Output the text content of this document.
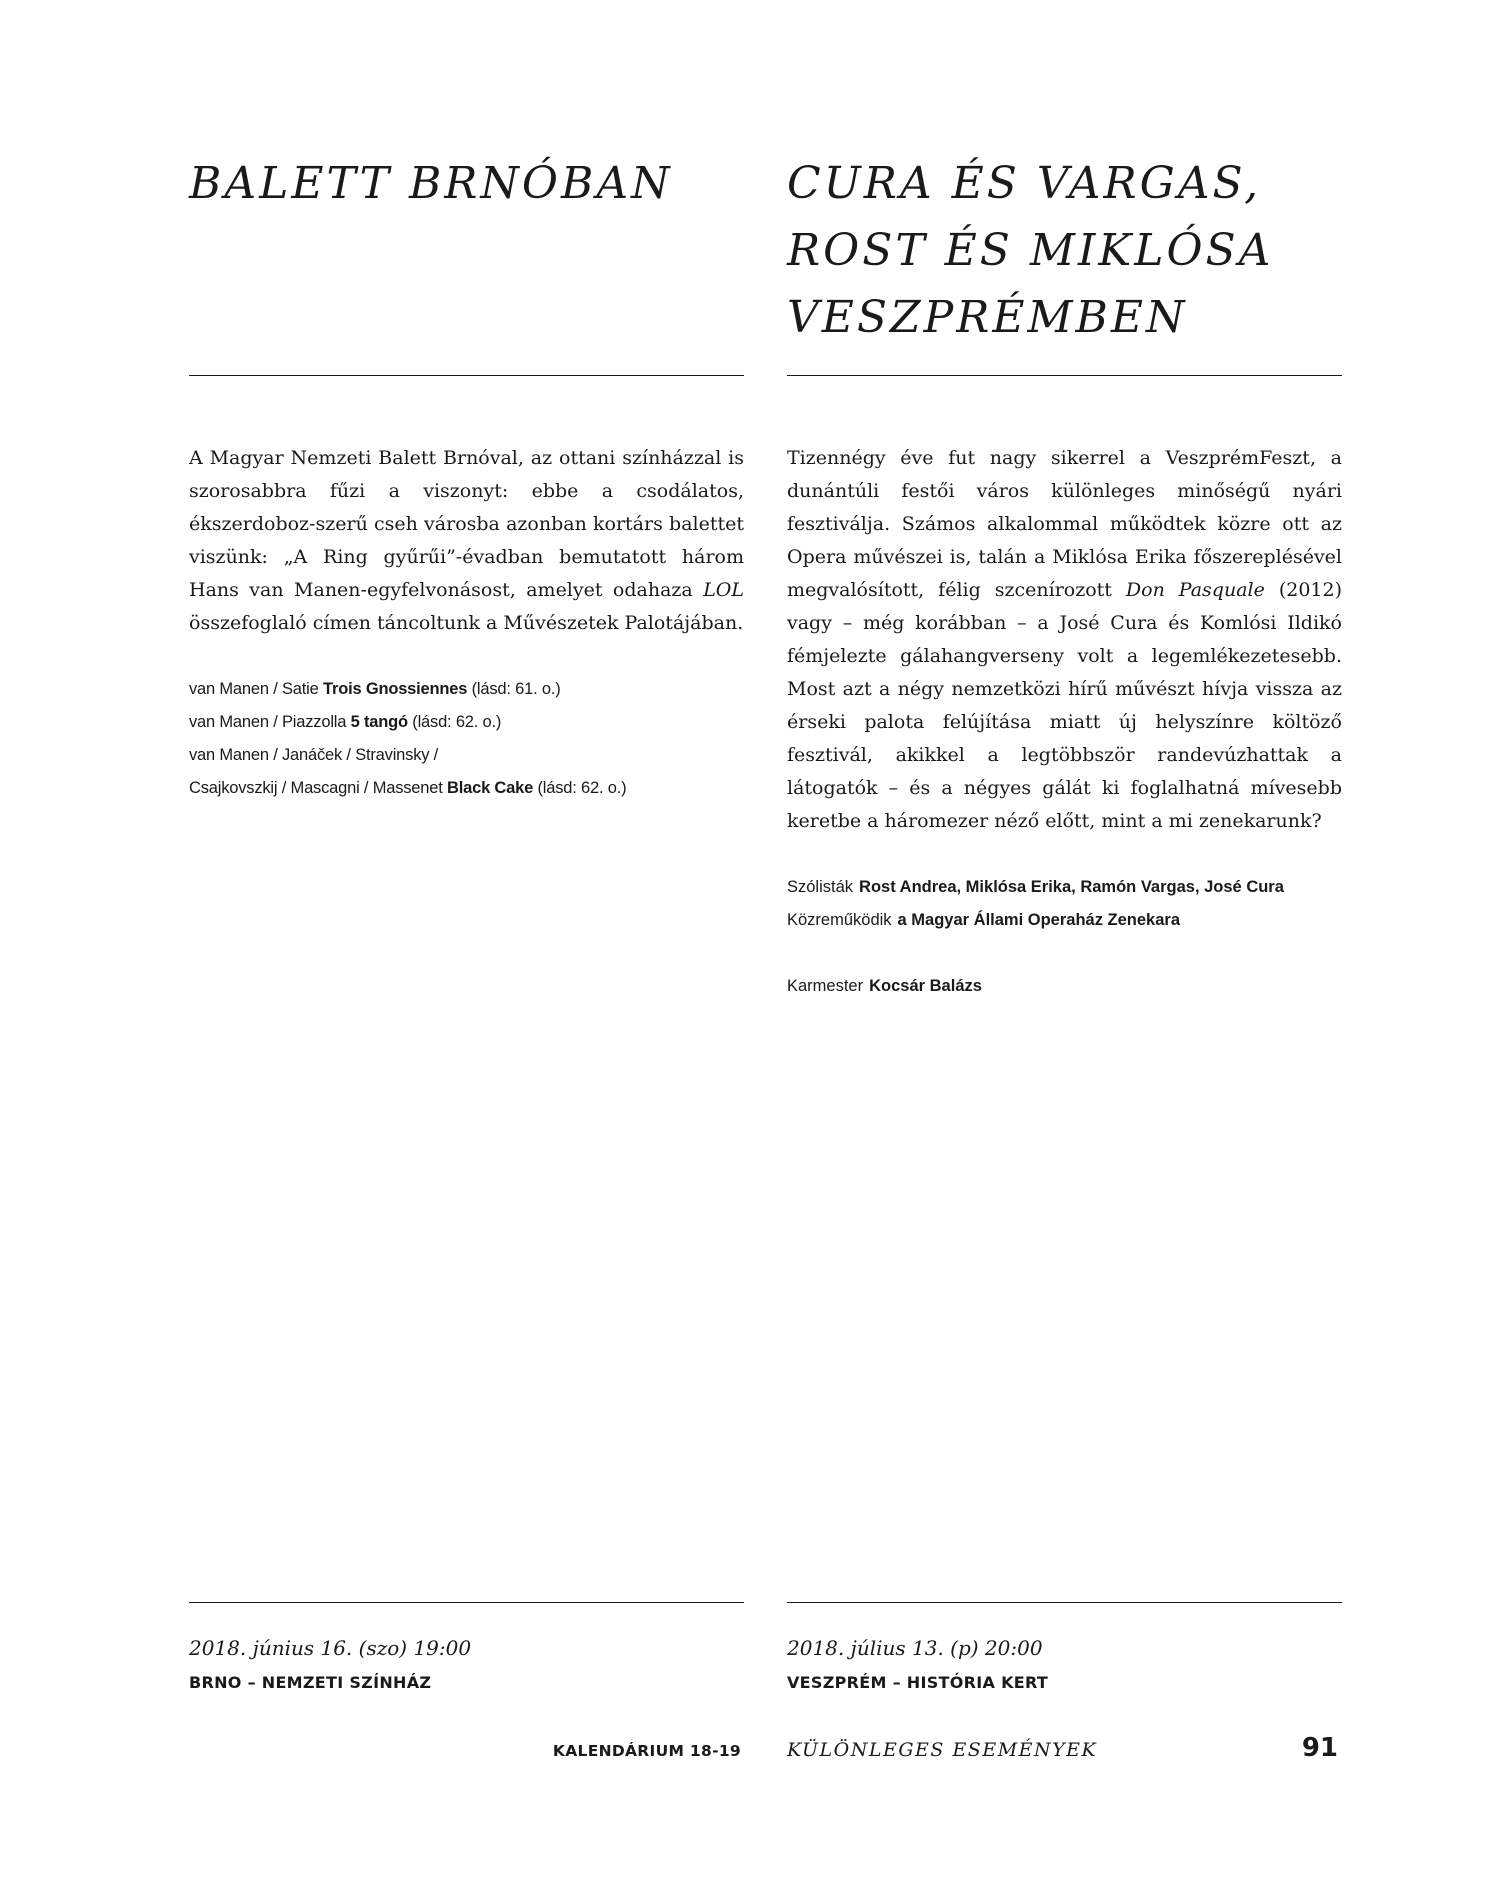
BALETT BRNÓBAN

A Magyar Nemzeti Balett Brnóval, az ottani színházzal is szorosabbra fűzi a viszonyt: ebbe a csodálatos, ékszerdoboz-szerű cseh városba azonban kortárs balettet viszünk: „A Ring gyűrűi”-évadban bemutatott három Hans van Manen-egyfelvonásost, amelyet odahaza LOL összefoglaló címen táncoltunk a Művészetek Palotájában.

van Manen / Satie Trois Gnossiennes (lásd: 61. o.)
van Manen / Piazzolla 5 tangó (lásd: 62. o.)
van Manen / Janáček / Stravinsky /
Csajkovszkij / Mascagni / Massenet Black Cake (lásd: 62. o.)

2018. június 16. (szo) 19:00

BRNO – NEMZETI SZÍNHÁZ

CURA ÉS VARGAS,
ROST ÉS MIKLÓSA
VESZPRÉMBEN

Tizennégy éve fut nagy sikerrel a VeszprémFeszt, a dunántúli festői város különleges minőségű nyári fesztiválja. Számos alkalommal működtek közre ott az Opera művészei is, talán a Miklósa Erika főszereplésével megvalósított, félig szcenírozott Don Pasquale (2012) vagy – még korábban – a José Cura és Komlósi Ildikó fémjelezte gálahangverseny volt a legemlékezetesebb. Most azt a négy nemzetközi hírű művészt hívja vissza az érseki palota felújítása miatt új helyszínre költöző fesztivál, akikkel a legtöbbször randevúzhattak a látogatók – és a négyes gálát ki foglalhatná mívesebb keretbe a háromezer néző előtt, mint a mi zenekarunk?

Szólisták Rost Andrea, Miklósa Erika, Ramón Vargas, José Cura
Közreműködik a Magyar Állami Operaház Zenekara
Karmester Kocsár Balázs

2018. július 13. (p) 20:00

VESZPRÉM – HISTÓRIA KERT

KALENDÁRIUM 18-19 KÜLÖNLEGES ESEMÉNYEK	91
